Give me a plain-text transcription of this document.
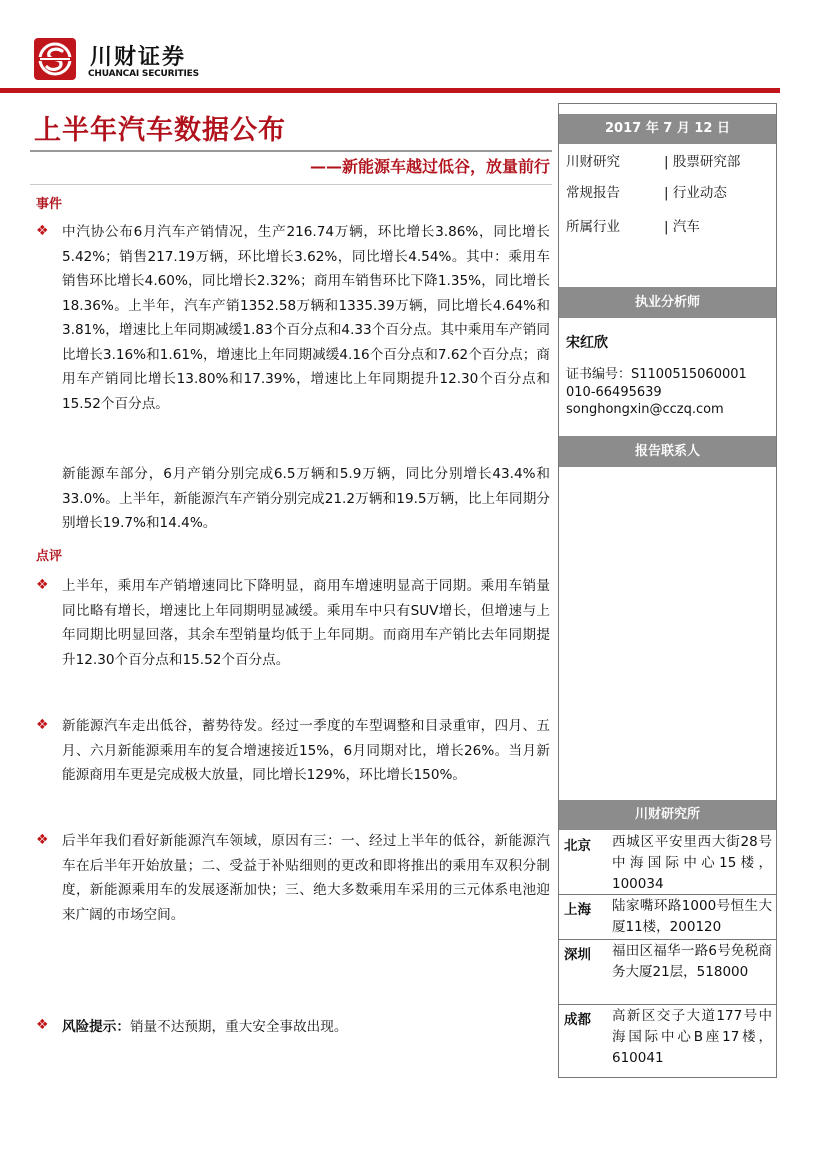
川财证券
CHUANCAI SECURITIES
上半年汽车数据公布
——新能源车越过低谷，放量前行
事件
❖ 中汽协公布6月汽车产销情况，生产216.74万辆，环比增长3.86%，同比增长5.42%；销售217.19万辆，环比增长3.62%，同比增长4.54%。其中：乘用车销售环比增长4.60%，同比增长2.32%；商用车销售环比下降1.35%，同比增长18.36%。上半年，汽车产销1352.58万辆和1335.39万辆，同比增长4.64%和3.81%，增速比上年同期减缓1.83个百分点和4.33个百分点。其中乘用车产销同比增长3.16%和1.61%，增速比上年同期减缓4.16个百分点和7.62个百分点；商用车产销同比增长13.80%和17.39%，增速比上年同期提升12.30个百分点和15.52个百分点。
新能源车部分，6月产销分别完成6.5万辆和5.9万辆，同比分别增长43.4%和33.0%。上半年，新能源汽车产销分别完成21.2万辆和19.5万辆，比上年同期分别增长19.7%和14.4%。
点评
❖ 上半年，乘用车产销增速同比下降明显，商用车增速明显高于同期。乘用车销量同比略有增长，增速比上年同期明显减缓。乘用车中只有SUV增长，但增速与上年同期比明显回落，其余车型销量均低于上年同期。而商用车产销比去年同期提升12.30个百分点和15.52个百分点。
❖ 新能源汽车走出低谷，蓄势待发。经过一季度的车型调整和目录重审，四月、五月、六月新能源乘用车的复合增速接近15%，6月同期对比，增长26%。当月新能源商用车更是完成极大放量，同比增长129%，环比增长150%。
❖ 后半年我们看好新能源汽车领域，原因有三：一、经过上半年的低谷，新能源汽车在后半年开始放量；二、受益于补贴细则的更改和即将推出的乘用车双积分制度，新能源乘用车的发展逐渐加快；三、绝大多数乘用车采用的三元体系电池迎来广阔的市场空间。
❖ 风险提示：销量不达预期，重大安全事故出现。
2017 年 7 月 12 日
川财研究	| 股票研究部
常规报告	| 行业动态
所属行业	| 汽车
执业分析师
宋红欣
证书编号：S1100515060001
010-66495639
songhongxin@cczq.com
报告联系人
川财研究所
北京 西城区平安里西大街28号中海国际中心15楼，100034
上海 陆家嘴环路1000号恒生大厦11楼，200120
深圳 福田区福华一路6号免税商务大厦21层，518000
成都 高新区交子大道177号中海国际中心B座17楼，610041
